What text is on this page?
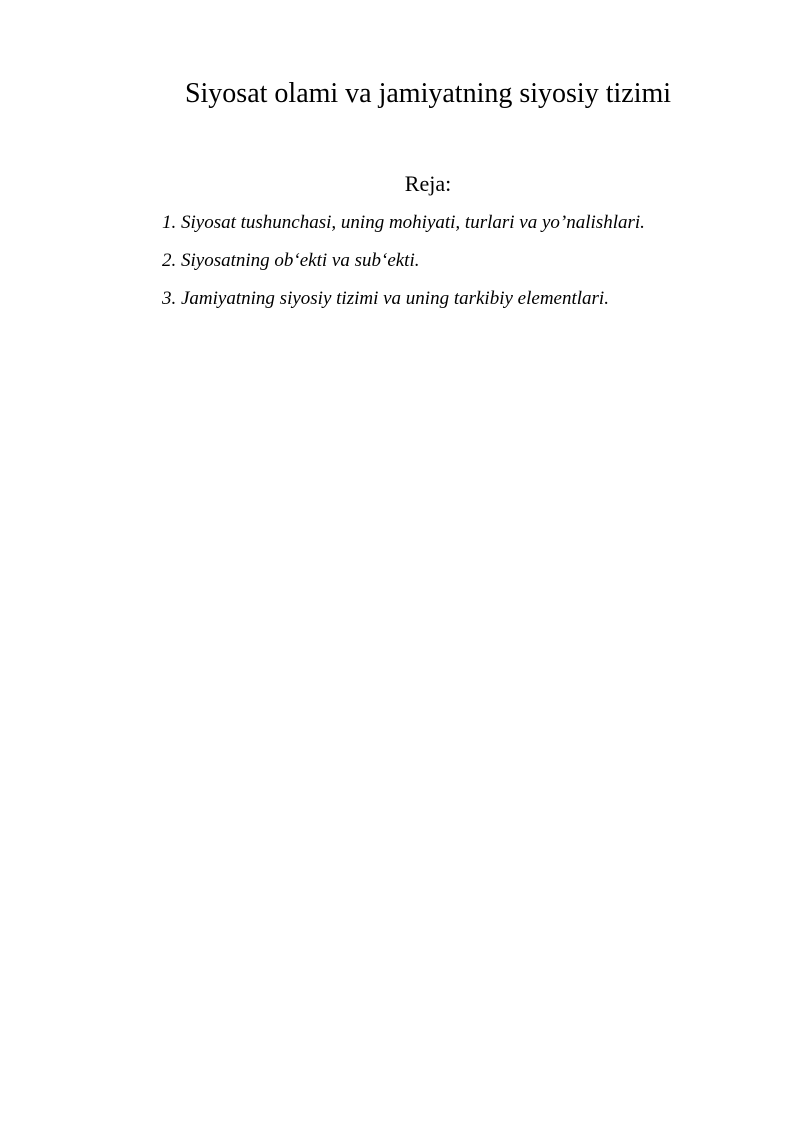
Siyosat olami va jamiyatning siyosiy tizimi

Reja:

1. Siyosat tushunchasi, uning mohiyati, turlari va yo’nalishlari.
2. Siyosatning ob‘ekti va sub‘ekti.
3. Jamiyatning siyosiy tizimi va uning tarkibiy elementlari.
